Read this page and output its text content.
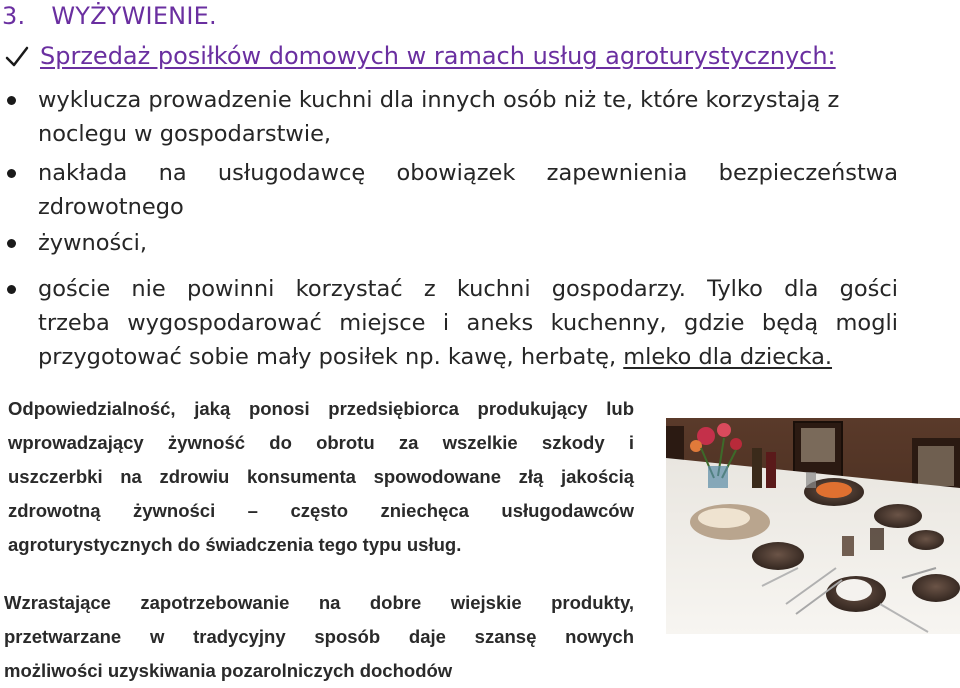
3. WYŻYWIENIE.
Sprzedaż posiłków domowych w ramach usług agroturystycznych:
wyklucza prowadzenie kuchni dla innych osób niż te, które korzystają z
noclegu w gospodarstwie,
nakłada na usługodawcę obowiązek zapewnienia bezpieczeństwa
zdrowotnego
żywności,
goście nie powinni korzystać z kuchni gospodarzy. Tylko dla gości
trzeba wygospodarować miejsce i aneks kuchenny, gdzie będą mogli
przygotować sobie mały posiłek np. kawę, herbatę, mleko dla dziecka.
Odpowiedzialność, jaką ponosi przedsiębiorca produkujący lub
wprowadzający żywność do obrotu za wszelkie szkody i
uszczerbki na zdrowiu konsumenta spowodowane złą jakością
zdrowotną żywności – często zniechęca usługodawców
agroturystycznych do świadczenia tego typu usług.
Wzrastające zapotrzebowanie na dobre wiejskie produkty,
przetwarzane w tradycyjny sposób daje szansę nowych
możliwości uzyskiwania pozarolniczych dochodów
